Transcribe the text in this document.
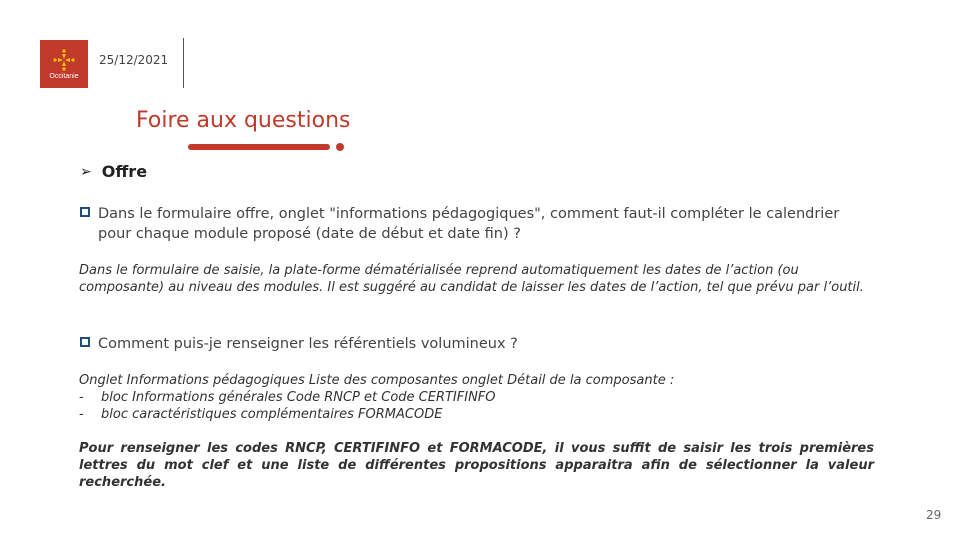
Occitanie
25/12/2021
Foire aux questions
➢ Offre
Dans le formulaire offre, onglet "informations pédagogiques", comment faut-il compléter le calendrier pour chaque module proposé (date de début et date fin) ?
Dans le formulaire de saisie, la plate-forme dématérialisée reprend automatiquement les dates de l’action (ou composante) au niveau des modules. Il est suggéré au candidat de laisser les dates de l’action, tel que prévu par l’outil.
Comment puis-je renseigner les référentiels volumineux ?
Onglet Informations pédagogiques Liste des composantes onglet Détail de la composante :
-	bloc Informations générales Code RNCP et Code CERTIFINFO
-	bloc caractéristiques complémentaires FORMACODE
Pour renseigner les codes RNCP, CERTIFINFO et FORMACODE, il vous suffit de saisir les trois premières lettres du mot clef et une liste de différentes propositions apparaitra afin de sélectionner la valeur recherchée.
29
